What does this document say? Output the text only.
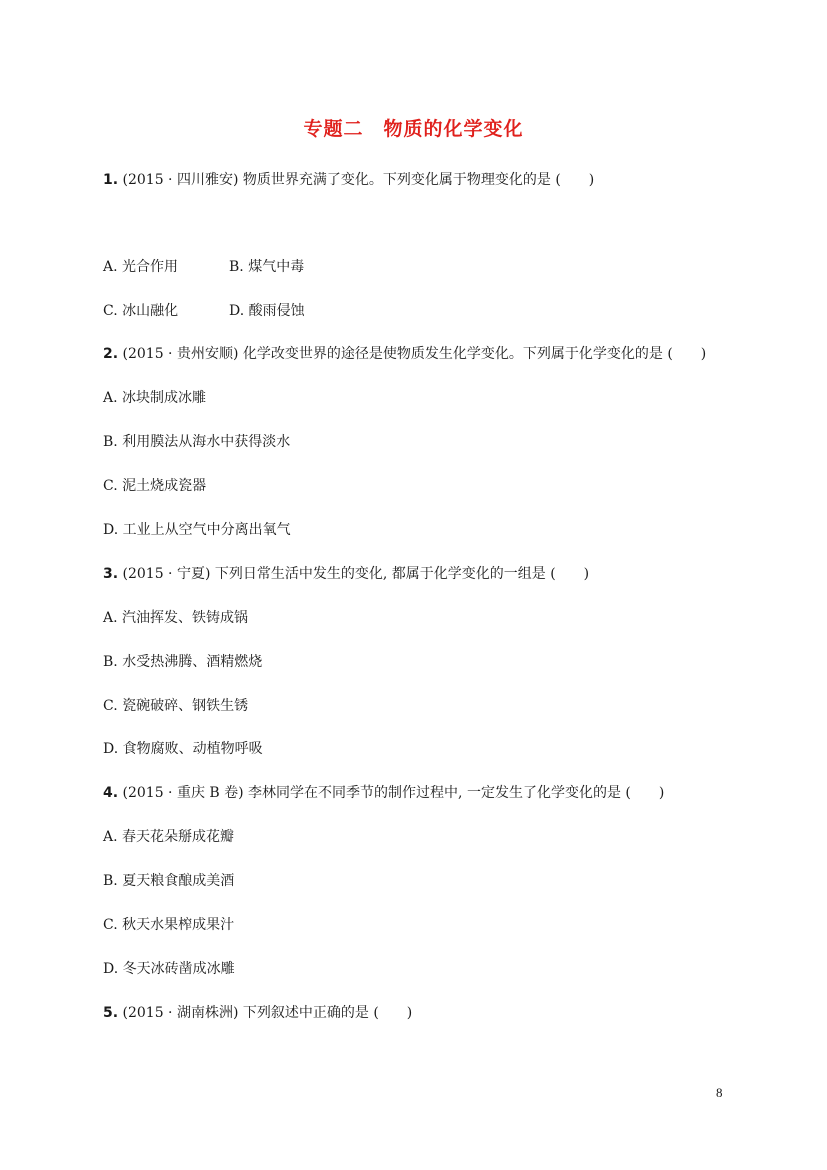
专题二　物质的化学变化
1. (2015 · 四川雅安) 物质世界充满了变化。下列变化属于物理变化的是 (　　)
A. 光合作用	B. 煤气中毒
C. 冰山融化	D. 酸雨侵蚀
2. (2015 · 贵州安顺) 化学改变世界的途径是使物质发生化学变化。下列属于化学变化的是 (　　)
A. 冰块制成冰雕
B. 利用膜法从海水中获得淡水
C. 泥土烧成瓷器
D. 工业上从空气中分离出氧气
3. (2015 · 宁夏) 下列日常生活中发生的变化, 都属于化学变化的一组是 (　　)
A. 汽油挥发、铁铸成锅
B. 水受热沸腾、酒精燃烧
C. 瓷碗破碎、钢铁生锈
D. 食物腐败、动植物呼吸
4. (2015 · 重庆 B 卷) 李林同学在不同季节的制作过程中, 一定发生了化学变化的是 (　　)
A. 春天花朵掰成花瓣
B. 夏天粮食酿成美酒
C. 秋天水果榨成果汁
D. 冬天冰砖凿成冰雕
5. (2015 · 湖南株洲) 下列叙述中正确的是 (　　)
8
